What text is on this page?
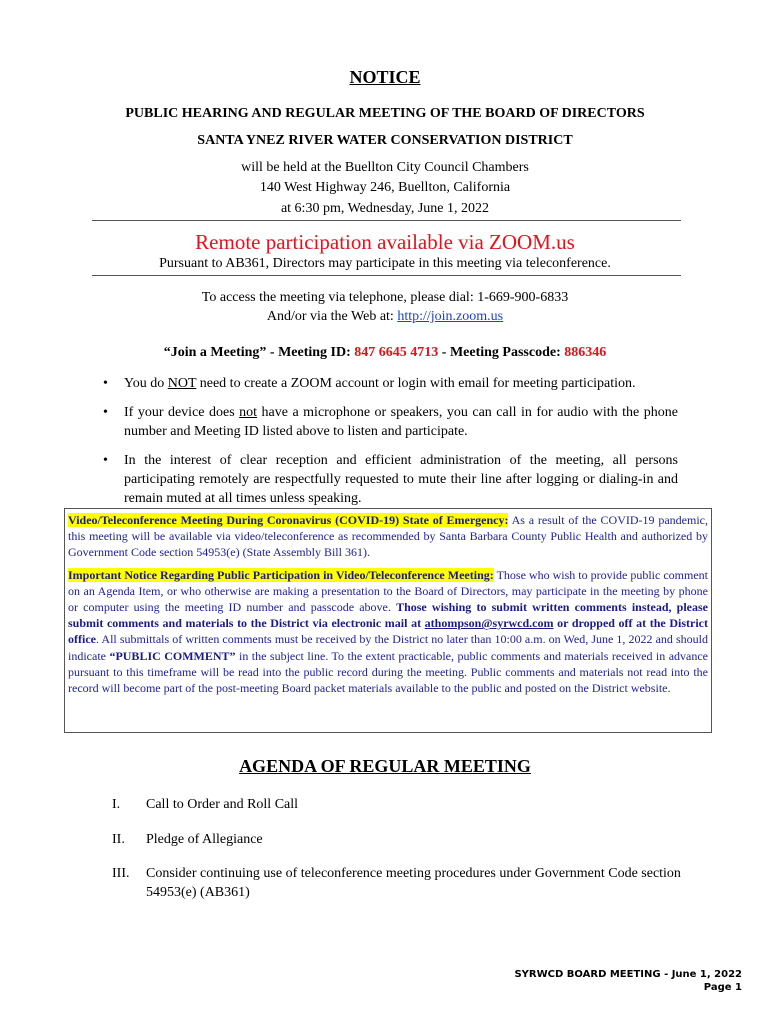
NOTICE
PUBLIC HEARING AND REGULAR MEETING OF THE BOARD OF DIRECTORS
SANTA YNEZ RIVER WATER CONSERVATION DISTRICT
will be held at the Buellton City Council Chambers
140 West Highway 246, Buellton, California
at 6:30 pm, Wednesday, June 1, 2022
Remote participation available via ZOOM.us
Pursuant to AB361, Directors may participate in this meeting via teleconference.
To access the meeting via telephone, please dial: 1-669-900-6833
And/or via the Web at: http://join.zoom.us
“Join a Meeting” - Meeting ID: 847 6645 4713 - Meeting Passcode: 886346
• You do NOT need to create a ZOOM account or login with email for meeting participation.
• If your device does not have a microphone or speakers, you can call in for audio with the phone number and Meeting ID listed above to listen and participate.
• In the interest of clear reception and efficient administration of the meeting, all persons participating remotely are respectfully requested to mute their line after logging or dialing-in and remain muted at all times unless speaking.

Video/Teleconference Meeting During Coronavirus (COVID-19) State of Emergency: As a result of the COVID-19 pandemic, this meeting will be available via video/teleconference as recommended by Santa Barbara County Public Health and authorized by Government Code section 54953(e) (State Assembly Bill 361).

Important Notice Regarding Public Participation in Video/Teleconference Meeting: Those who wish to provide public comment on an Agenda Item, or who otherwise are making a presentation to the Board of Directors, may participate in the meeting by phone or computer using the meeting ID number and passcode above. Those wishing to submit written comments instead, please submit comments and materials to the District via electronic mail at athompson@syrwcd.com or dropped off at the District office. All submittals of written comments must be received by the District no later than 10:00 a.m. on Wed, June 1, 2022 and should indicate “PUBLIC COMMENT” in the subject line. To the extent practicable, public comments and materials received in advance pursuant to this timeframe will be read into the public record during the meeting. Public comments and materials not read into the record will become part of the post-meeting Board packet materials available to the public and posted on the District website.

AGENDA OF REGULAR MEETING
I. Call to Order and Roll Call
II. Pledge of Allegiance
III. Consider continuing use of teleconference meeting procedures under Government Code section 54953(e) (AB361)
SYRWCD BOARD MEETING - June 1, 2022
Page 1
